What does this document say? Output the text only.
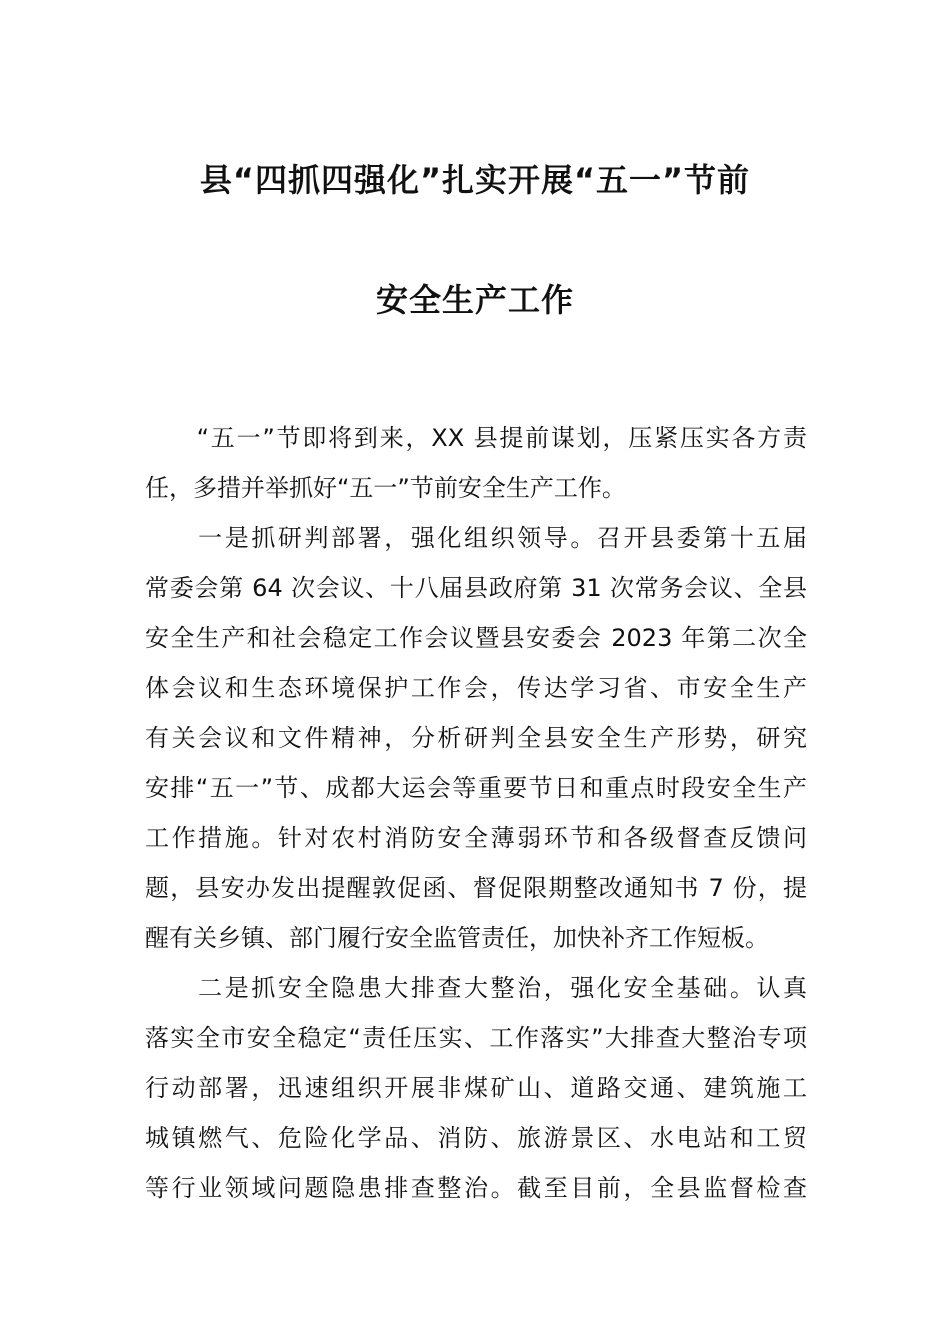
县“四抓四强化”扎实开展“五一”节前
安全生产工作

　　“五一”节即将到来，XX 县提前谋划，压紧压实各方责

任，多措并举抓好“五一”节前安全生产工作。

　　一是抓研判部署，强化组织领导。召开县委第十五届

常委会第 64 次会议、十八届县政府第 31 次常务会议、全县

安全生产和社会稳定工作会议暨县安委会 2023 年第二次全

体会议和生态环境保护工作会，传达学习省、市安全生产

有关会议和文件精神，分析研判全县安全生产形势，研究

安排“五一”节、成都大运会等重要节日和重点时段安全生产

工作措施。针对农村消防安全薄弱环节和各级督查反馈问

题，县安办发出提醒敦促函、督促限期整改通知书 7 份，提

醒有关乡镇、部门履行安全监管责任，加快补齐工作短板。

　　二是抓安全隐患大排查大整治，强化安全基础。认真

落实全市安全稳定“责任压实、工作落实”大排查大整治专项

行动部署，迅速组织开展非煤矿山、道路交通、建筑施工

城镇燃气、危险化学品、消防、旅游景区、水电站和工贸

等行业领域问题隐患排查整治。截至目前，全县监督检查
